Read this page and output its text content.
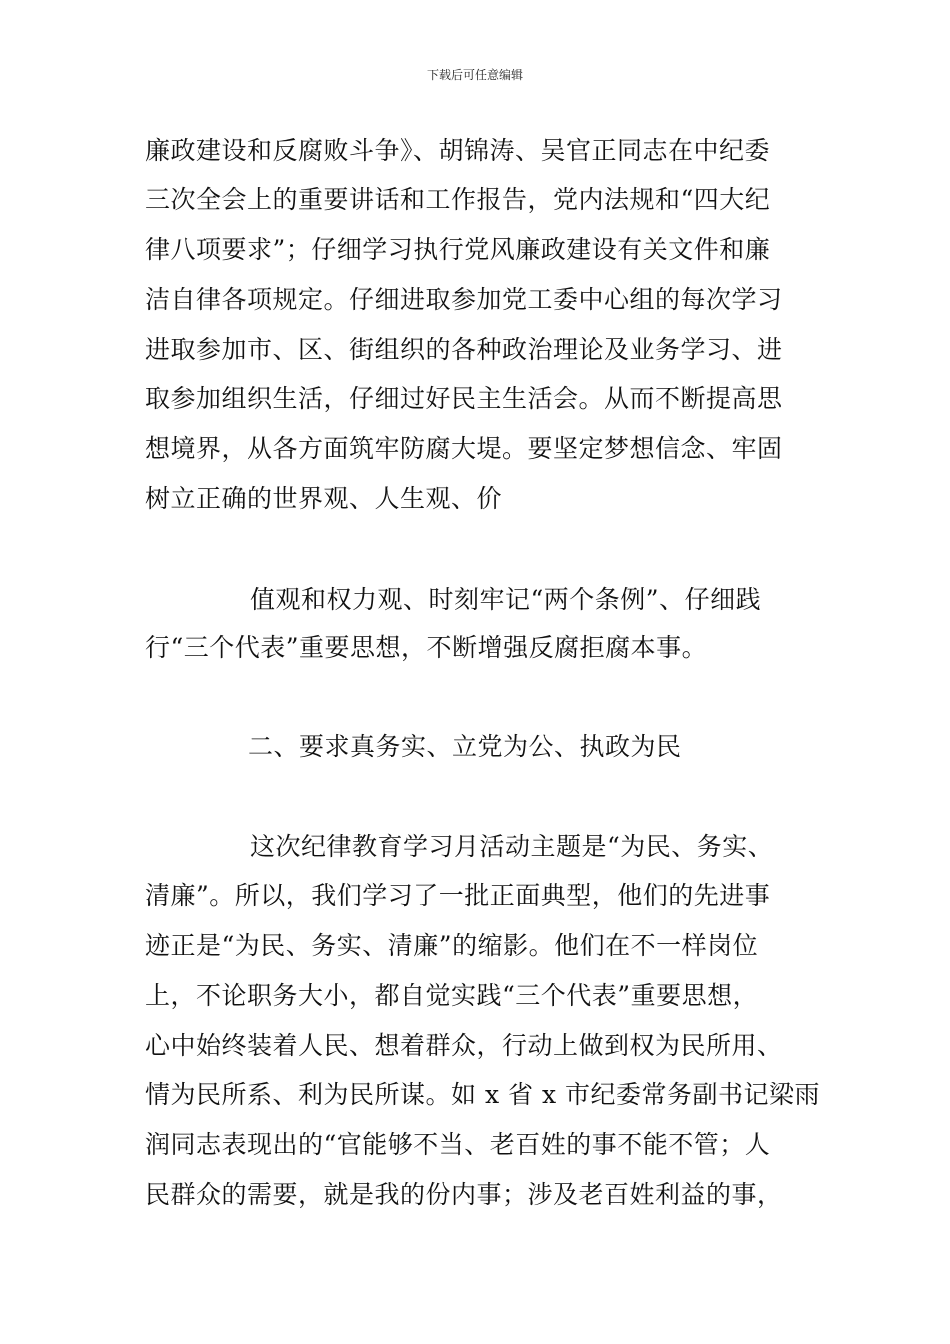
下载后可任意编辑
廉政建设和反腐败斗争》、胡锦涛、吴官正同志在中纪委
三次全会上的重要讲话和工作报告，党内法规和“四大纪
律八项要求”；仔细学习执行党风廉政建设有关文件和廉
洁自律各项规定。仔细进取参加党工委中心组的每次学习
进取参加市、区、街组织的各种政治理论及业务学习、进
取参加组织生活，仔细过好民主生活会。从而不断提高思
想境界，从各方面筑牢防腐大堤。要坚定梦想信念、牢固
树立正确的世界观、人生观、价
值观和权力观、时刻牢记“两个条例”、仔细践
行“三个代表”重要思想，不断增强反腐拒腐本事。
二、要求真务实、立党为公、执政为民
这次纪律教育学习月活动主题是“为民、务实、
清廉”。所以，我们学习了一批正面典型，他们的先进事
迹正是“为民、务实、清廉”的缩影。他们在不一样岗位
上，不论职务大小，都自觉实践“三个代表”重要思想，
心中始终装着人民、想着群众，行动上做到权为民所用、
情为民所系、利为民所谋。如 x 省 x 市纪委常务副书记梁雨
润同志表现出的“官能够不当、老百姓的事不能不管；人
民群众的需要，就是我的份内事；涉及老百姓利益的事，
